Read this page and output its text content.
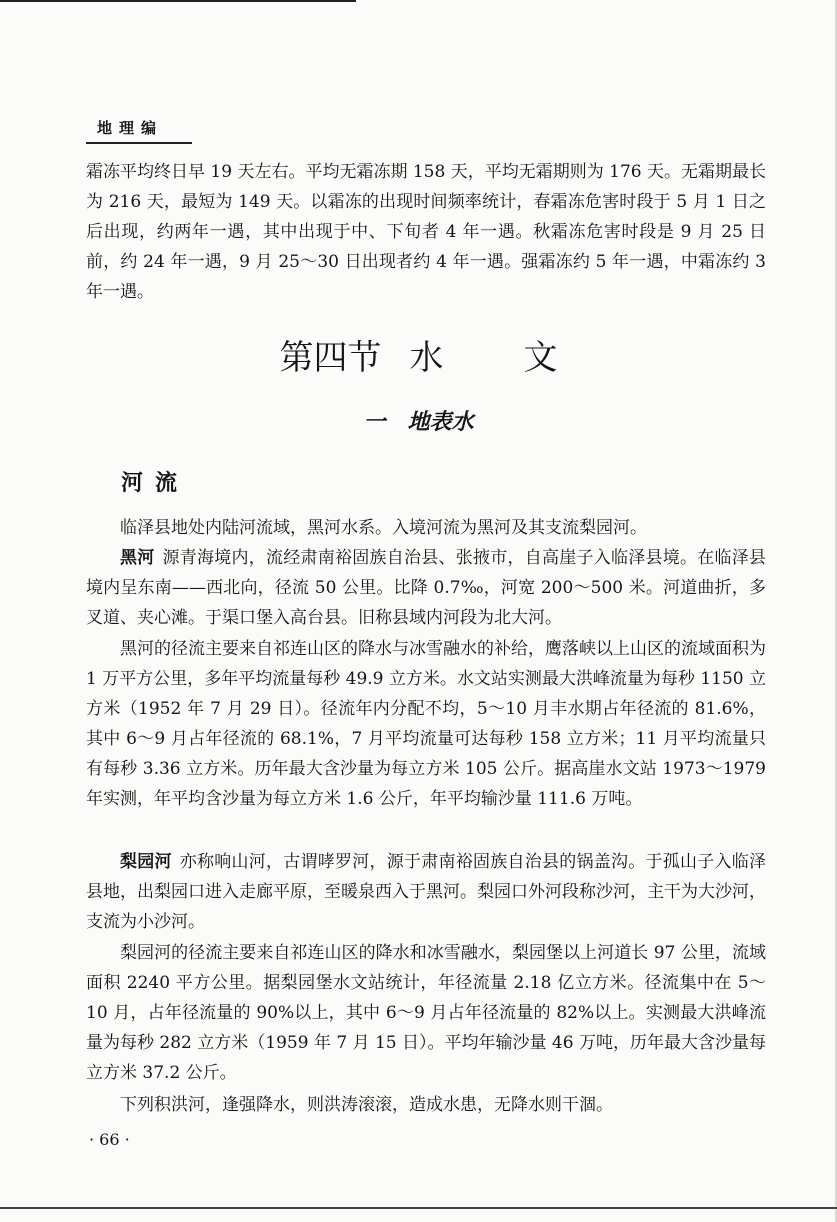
地理编

霜冻平均终日早 19 天左右。平均无霜冻期 158 天，平均无霜期则为 176 天。无霜期最长为 216 天，最短为 149 天。以霜冻的出现时间频率统计，春霜冻危害时段于 5 月 1 日之后出现，约两年一遇，其中出现于中、下旬者 4 年一遇。秋霜冻危害时段是 9 月 25 日前，约 24 年一遇，9 月 25～30 日出现者约 4 年一遇。强霜冻约 5 年一遇，中霜冻约 3 年一遇。

第四节 水 文
一　地表水
河流

临泽县地处内陆河流域，黑河水系。入境河流为黑河及其支流梨园河。

黑河 源青海境内，流经肃南裕固族自治县、张掖市，自高崖子入临泽县境。在临泽县境内呈东南——西北向，径流 50 公里。比降 0.7‰，河宽 200～500 米。河道曲折，多叉道、夹心滩。于渠口堡入高台县。旧称县域内河段为北大河。

黑河的径流主要来自祁连山区的降水与冰雪融水的补给，鹰落峡以上山区的流域面积为 1 万平方公里，多年平均流量每秒 49.9 立方米。水文站实测最大洪峰流量为每秒 1150 立方米（1952 年 7 月 29 日）。径流年内分配不均，5～10 月丰水期占年径流的 81.6%，其中 6～9 月占年径流的 68.1%，7 月平均流量可达每秒 158 立方米；11 月平均流量只有每秒 3.36 立方米。历年最大含沙量为每立方米 105 公斤。据高崖水文站 1973～1979 年实测，年平均含沙量为每立方米 1.6 公斤，年平均输沙量 111.6 万吨。

梨园河 亦称响山河，古谓哮罗河，源于肃南裕固族自治县的锅盖沟。于孤山子入临泽县地，出梨园口进入走廊平原，至暖泉西入于黑河。梨园口外河段称沙河，主干为大沙河，支流为小沙河。

梨园河的径流主要来自祁连山区的降水和冰雪融水，梨园堡以上河道长 97 公里，流域面积 2240 平方公里。据梨园堡水文站统计，年径流量 2.18 亿立方米。径流集中在 5～10 月，占年径流量的 90%以上，其中 6～9 月占年径流量的 82%以上。实测最大洪峰流量为每秒 282 立方米（1959 年 7 月 15 日）。平均年输沙量 46 万吨，历年最大含沙量每立方米 37.2 公斤。

下列积洪河，逢强降水，则洪涛滚滚，造成水患，无降水则干涸。

· 66 ·
